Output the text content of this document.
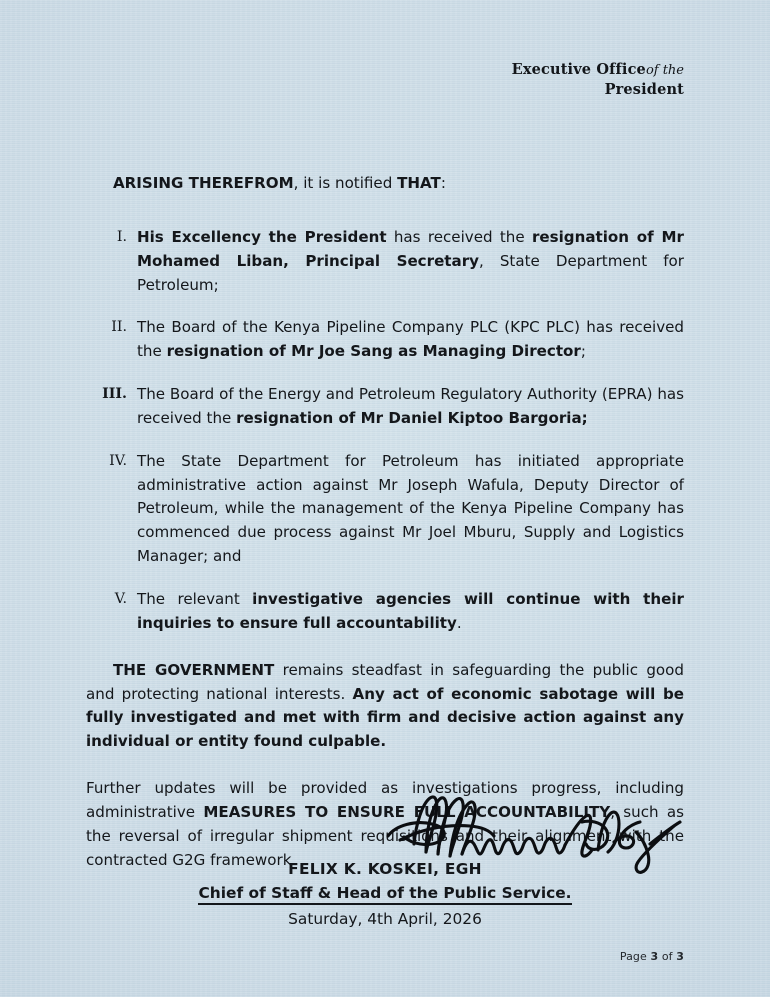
Executive Officeof the
President

ARISING THEREFROM, it is notified THAT:

I. His Excellency the President has received the resignation of Mr Mohamed Liban, Principal Secretary, State Department for Petroleum;

II. The Board of the Kenya Pipeline Company PLC (KPC PLC) has received the resignation of Mr Joe Sang as Managing Director;

III. The Board of the Energy and Petroleum Regulatory Authority (EPRA) has received the resignation of Mr Daniel Kiptoo Bargoria;

IV. The State Department for Petroleum has initiated appropriate administrative action against Mr Joseph Wafula, Deputy Director of Petroleum, while the management of the Kenya Pipeline Company has commenced due process against Mr Joel Mburu, Supply and Logistics Manager; and

V. The relevant investigative agencies will continue with their inquiries to ensure full accountability.

THE GOVERNMENT remains steadfast in safeguarding the public good and protecting national interests. Any act of economic sabotage will be fully investigated and met with firm and decisive action against any individual or entity found culpable.

Further updates will be provided as investigations progress, including administrative MEASURES TO ENSURE FULL ACCOUNTABILITY, such as the reversal of irregular shipment requisitions and their alignment with the contracted G2G framework.

FELIX K. KOSKEI, EGH
Chief of Staff & Head of the Public Service.
Saturday, 4th April, 2026
Page 3 of 3
